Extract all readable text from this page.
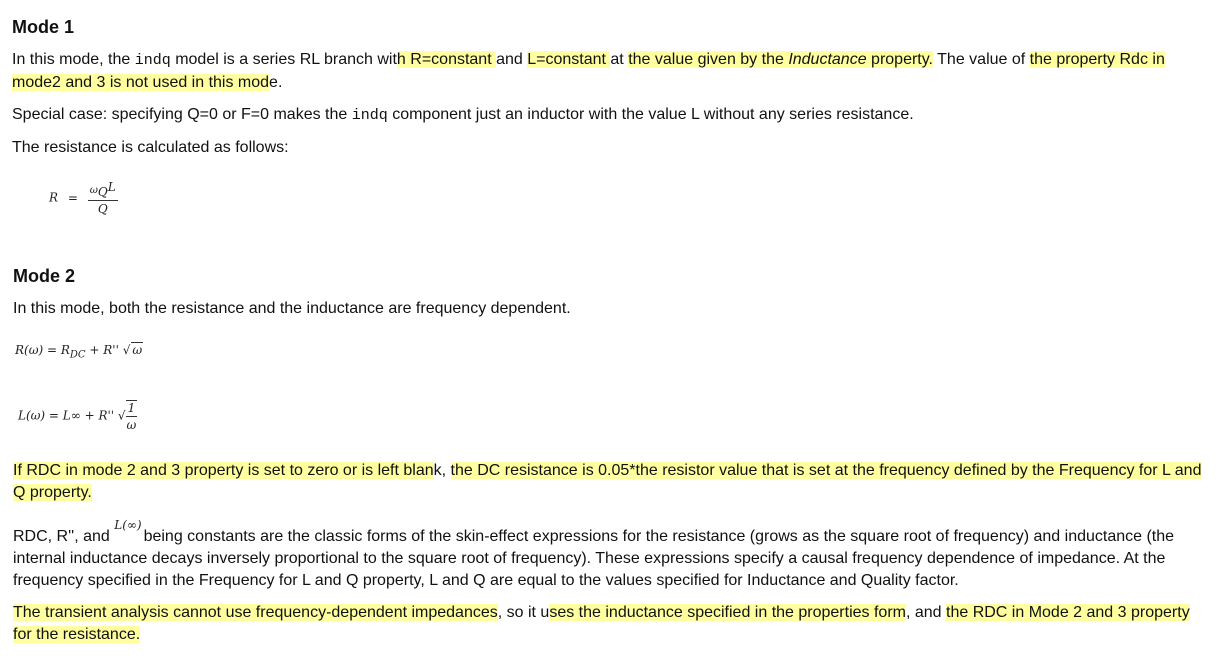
Mode 1
In this mode, the indq model is a series RL branch with R=constant and L=constant at the value given by the Inductance property. The value of the property Rdc in mode2 and 3 is not used in this mode.
Special case: specifying Q=0 or F=0 makes the indq component just an inductor with the value L without any series resistance.
The resistance is calculated as follows:
$R = \frac{^\omega QL}{Q}$
Mode 2
In this mode, both the resistance and the inductance are frequency dependent.
$R(\omega) = R_{DC} + R''$ √ ω
L(ω) = L∞ + R'' √ $\frac{1}{\omega}$
If RDC in mode 2 and 3 property is set to zero or is left blank, the DC resistance is 0.05*the resistor value that is set at the frequency defined by the Frequency for L and Q property.
RDC, R'', and $^{L(\infty)}$being constants are the classic forms of the skin-effect expressions for the resistance (grows as the square root of frequency) and inductance (the internal inductance decays inversely proportional to the square root of frequency). These expressions specify a causal frequency dependence of impedance. At the frequency specified in the Frequency for L and Q property, L and Q are equal to the values specified for Inductance and Quality factor.
The transient analysis cannot use frequency-dependent impedances, so it uses the inductance specified in the properties form, and the RDC in Mode 2 and 3 property for the resistance.
